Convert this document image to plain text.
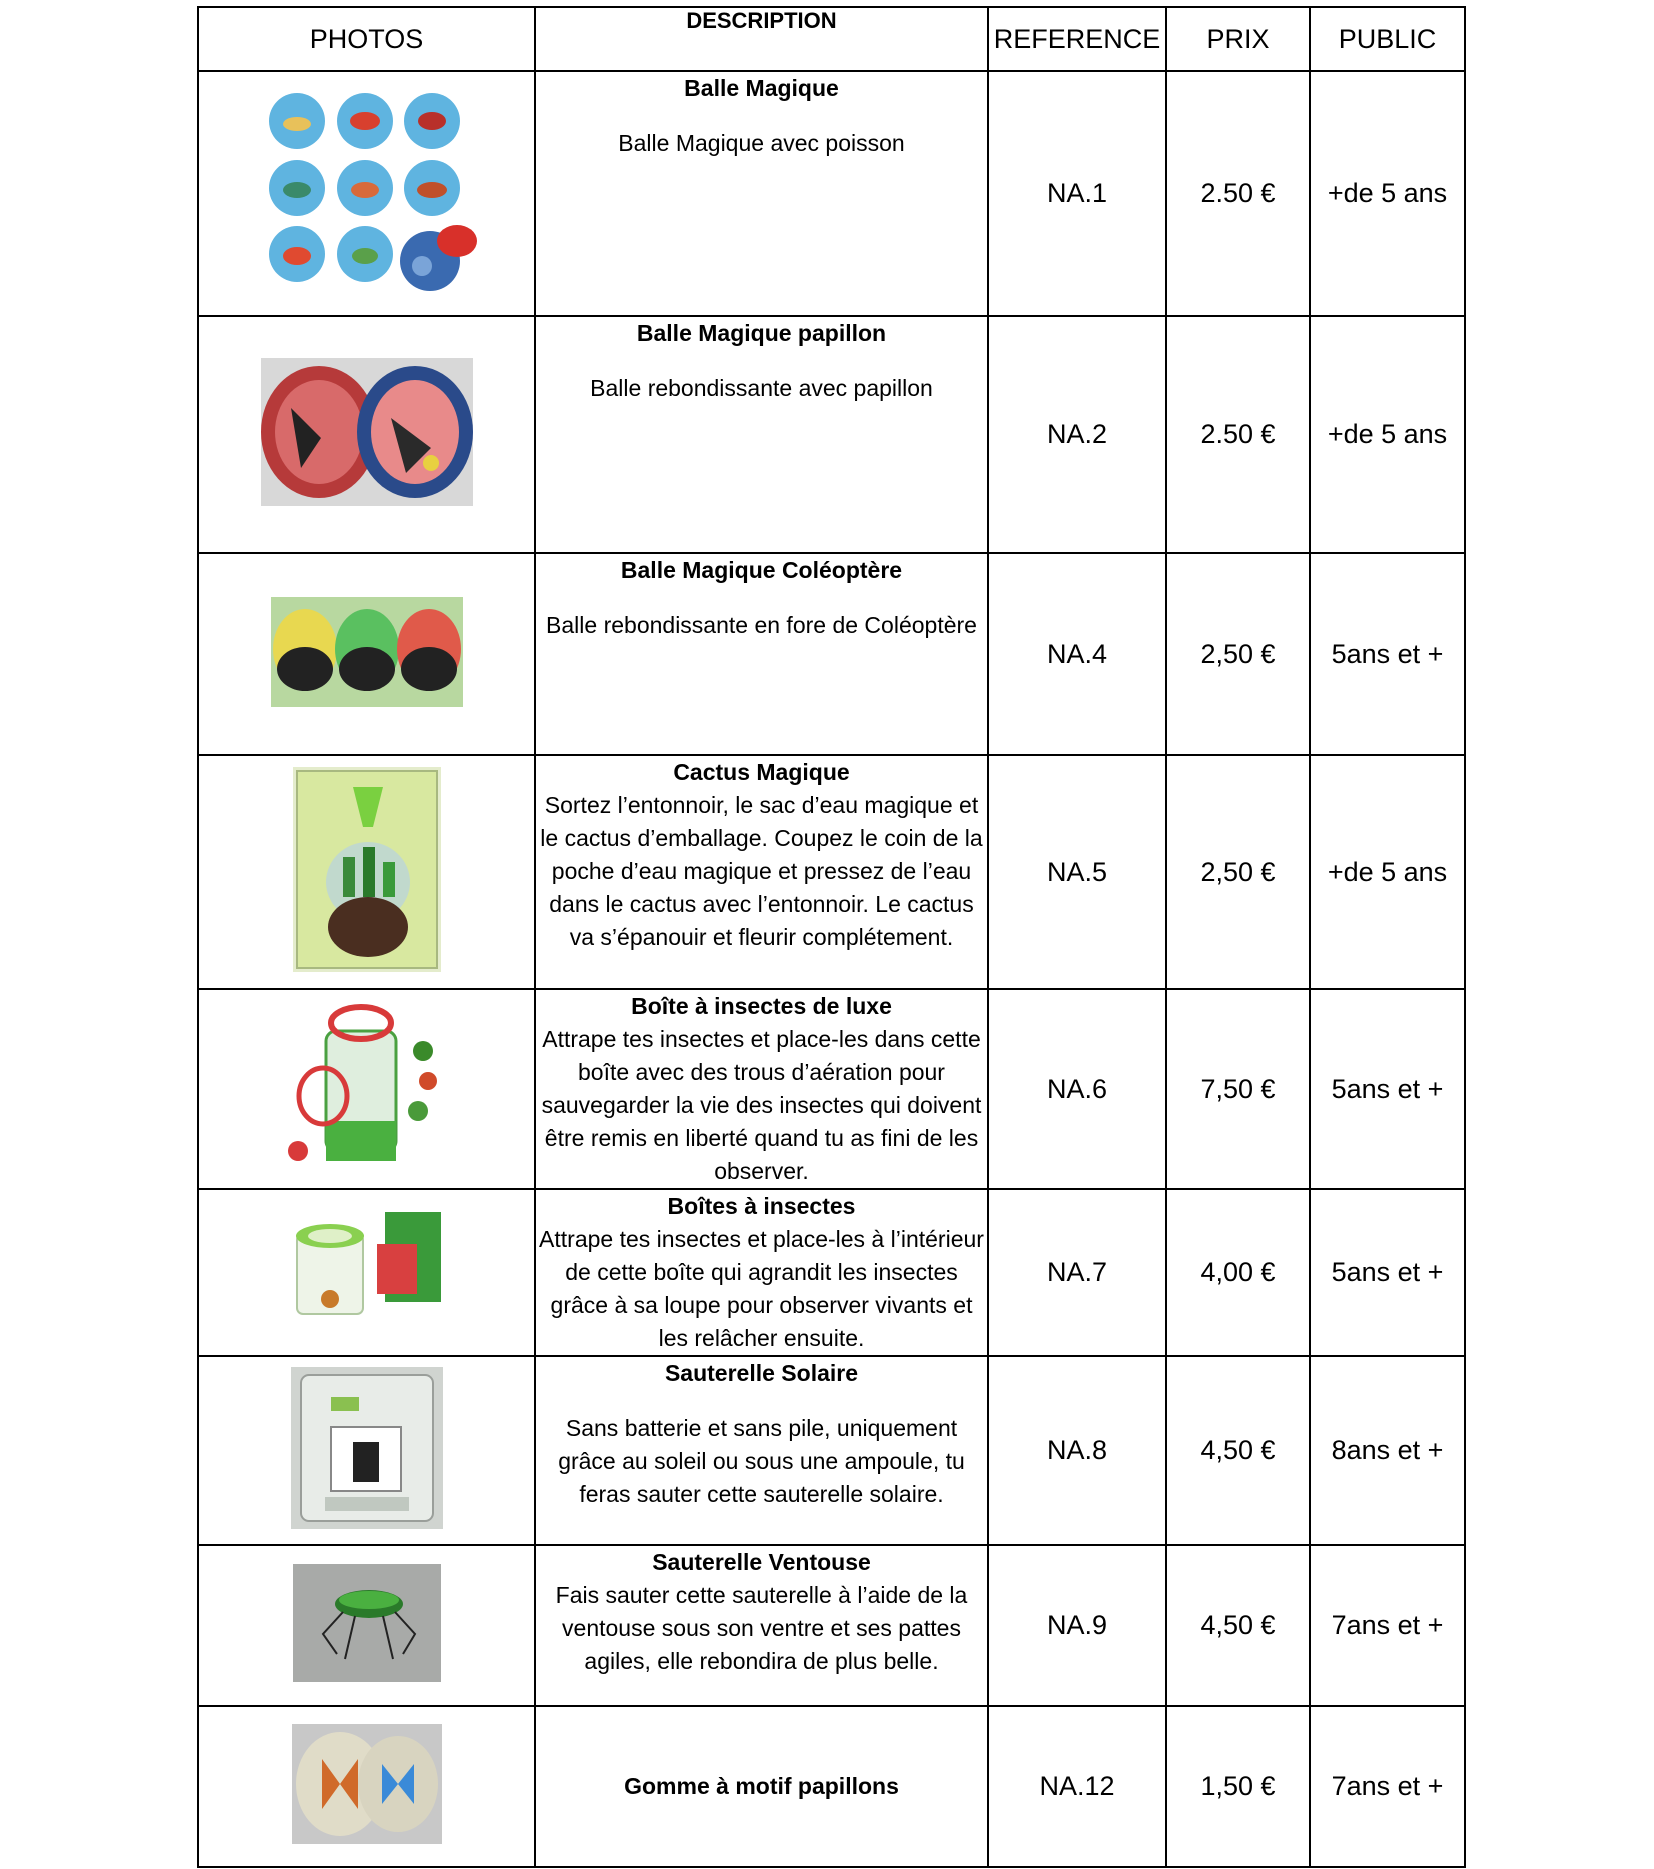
PHOTOS	DESCRIPTION	REFERENCE	PRIX	PUBLIC

Balle Magique
Balle Magique avec poisson	NA.1	2.50 €	+de 5 ans

Balle Magique papillon
Balle rebondissante avec papillon	NA.2	2.50 €	+de 5 ans

Balle Magique Coléoptère
Balle rebondissante en fore de Coléoptère	NA.4	2,50 €	5ans et +

Cactus Magique
Sortez l’entonnoir, le sac d’eau magique et le cactus d’emballage. Coupez le coin de la poche d’eau magique et pressez de l’eau dans le cactus avec l’entonnoir. Le cactus va s’épanouir et fleurir complétement.	NA.5	2,50 €	+de 5 ans

Boîte à insectes de luxe
Attrape tes insectes et place-les dans cette boîte avec des trous d’aération pour sauvegarder la vie des insectes qui doivent être remis en liberté quand tu as fini de les observer.	NA.6	7,50 €	5ans et +

Boîtes à insectes
Attrape tes insectes et place-les à l’intérieur de cette boîte qui agrandit les insectes grâce à sa loupe pour observer vivants et les relâcher ensuite.	NA.7	4,00 €	5ans et +

Sauterelle Solaire
Sans batterie et sans pile, uniquement grâce au soleil ou sous une ampoule, tu feras sauter cette sauterelle solaire.	NA.8	4,50 €	8ans et +

Sauterelle Ventouse
Fais sauter cette sauterelle à l’aide de la ventouse sous son ventre et ses pattes agiles, elle rebondira de plus belle.	NA.9	4,50 €	7ans et +

Gomme à motif papillons	NA.12	1,50 €	7ans et +
